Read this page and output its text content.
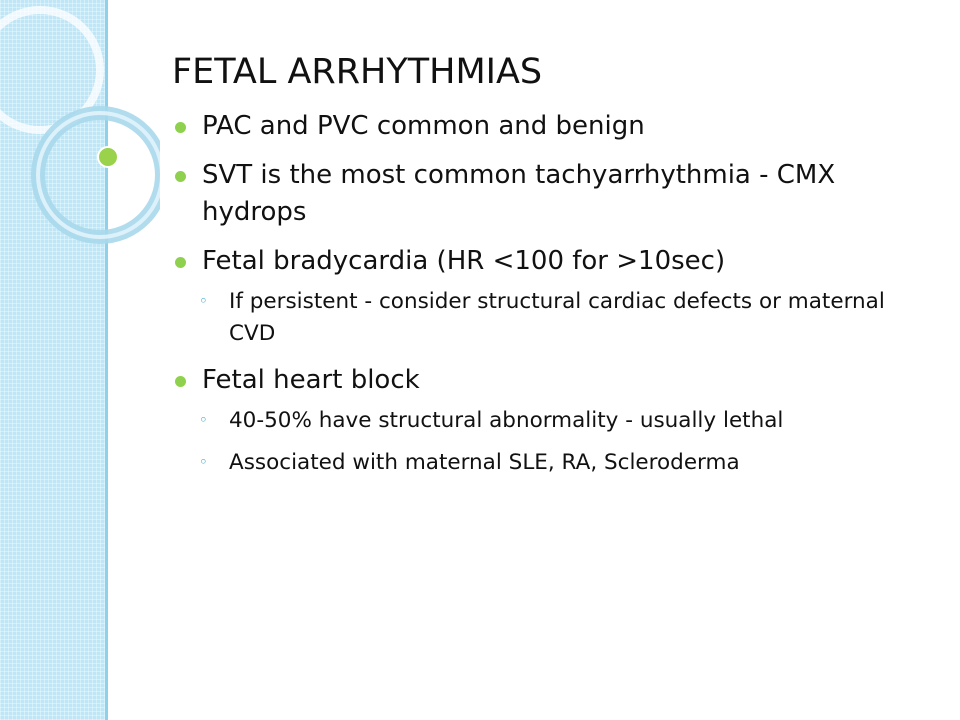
FETAL ARRHYTHMIAS
PAC and PVC common and benign
SVT is the most common tachyarrhythmia - CMX hydrops
Fetal bradycardia (HR <100 for >10sec)
◦ If persistent - consider structural cardiac defects or maternal CVD
Fetal heart block
◦ 40-50% have structural abnormality - usually lethal
◦ Associated with maternal SLE, RA, Scleroderma
